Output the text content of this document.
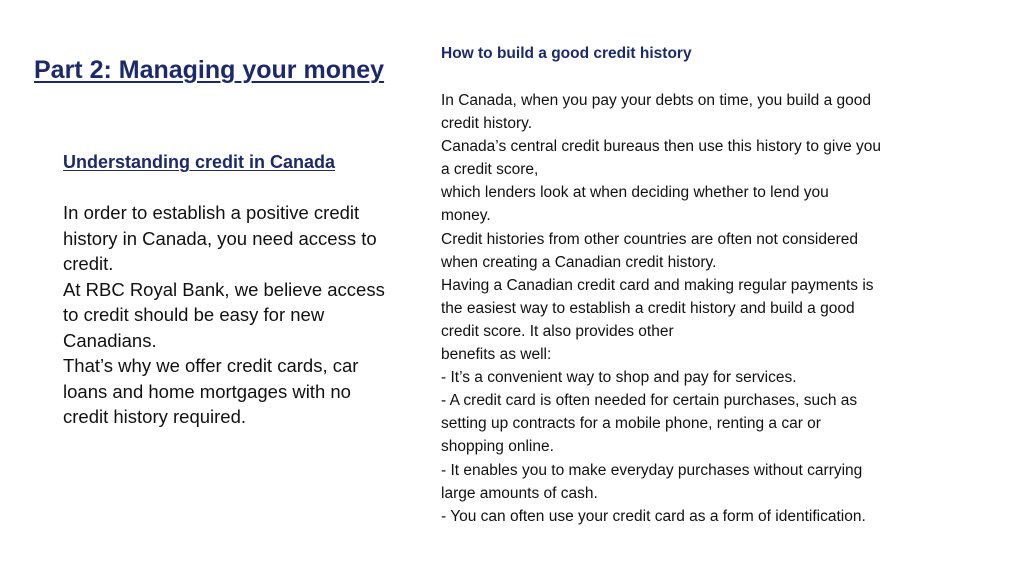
Part 2: Managing your money
Understanding credit in Canada
In order to establish a positive credit
history in Canada, you need access to
credit.
At RBC Royal Bank, we believe access
to credit should be easy for new
Canadians.
That’s why we offer credit cards, car
loans and home mortgages with no
credit history required.
How to build a good credit history
In Canada, when you pay your debts on time, you build a good
credit history.
Canada’s central credit bureaus then use this history to give you
a credit score,
which lenders look at when deciding whether to lend you
money.
Credit histories from other countries are often not considered
when creating a Canadian credit history.
Having a Canadian credit card and making regular payments is
the easiest way to establish a credit history and build a good
credit score. It also provides other
benefits as well:
- It’s a convenient way to shop and pay for services.
- A credit card is often needed for certain purchases, such as
setting up contracts for a mobile phone, renting a car or
shopping online.
- It enables you to make everyday purchases without carrying
large amounts of cash.
- You can often use your credit card as a form of identification.
